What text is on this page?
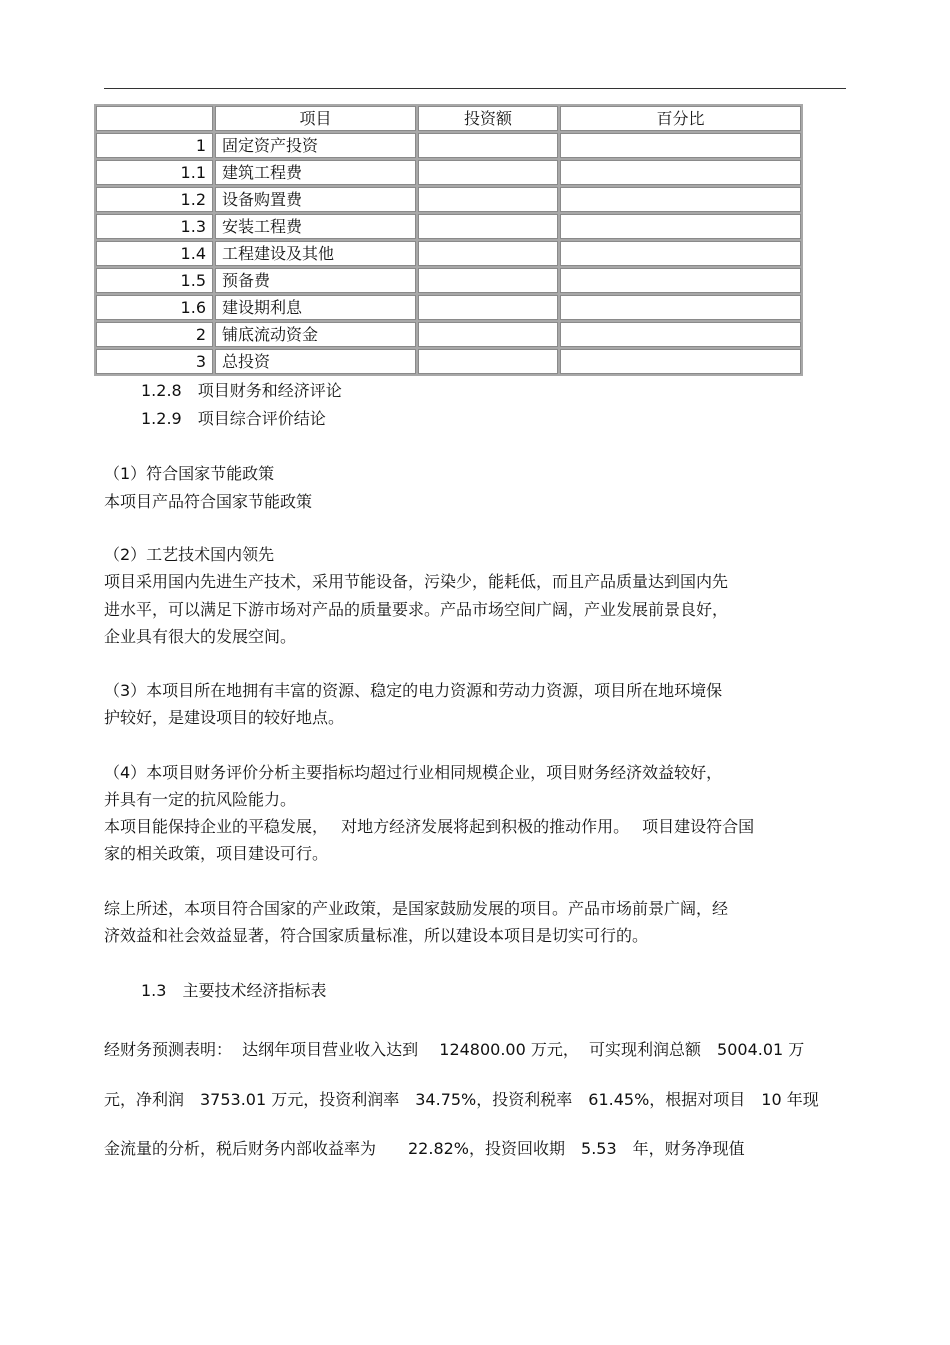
	项目	投资额	百分比
1	固定资产投资		
1.1	建筑工程费		
1.2	设备购置费		
1.3	安装工程费		
1.4	工程建设及其他		
1.5	预备费		
1.6	建设期利息		
2	铺底流动资金		
3	总投资		
1.2.8　项目财务和经济评论
1.2.9　项目综合评价结论
（1）符合国家节能政策
本项目产品符合国家节能政策
（2）工艺技术国内领先
项目采用国内先进生产技术，采用节能设备，污染少，能耗低，而且产品质量达到国内先
进水平，可以满足下游市场对产品的质量要求。产品市场空间广阔，产业发展前景良好，
企业具有很大的发展空间。
（3）本项目所在地拥有丰富的资源、稳定的电力资源和劳动力资源，项目所在地环境保
护较好，是建设项目的较好地点。
（4）本项目财务评价分析主要指标均超过行业相同规模企业，项目财务经济效益较好，
并具有一定的抗风险能力。
本项目能保持企业的平稳发展，　 对地方经济发展将起到积极的推动作用。　 项目建设符合国
家的相关政策，项目建设可行。
综上所述，本项目符合国家的产业政策，是国家鼓励发展的项目。产品市场前景广阔，经
济效益和社会效益显著，符合国家质量标准，所以建设本项目是切实可行的。
1.3　主要技术经济指标表
经财务预测表明：  达纲年项目营业收入达到　 124800.00 万元，  可实现利润总额　5004.01 万
元，净利润　3753.01 万元，投资利润率　34.75%，投资利税率　61.45%，根据对项目　10 年现
金流量的分析，税后财务内部收益率为　　22.82%，投资回收期　5.53　年，财务净现值
